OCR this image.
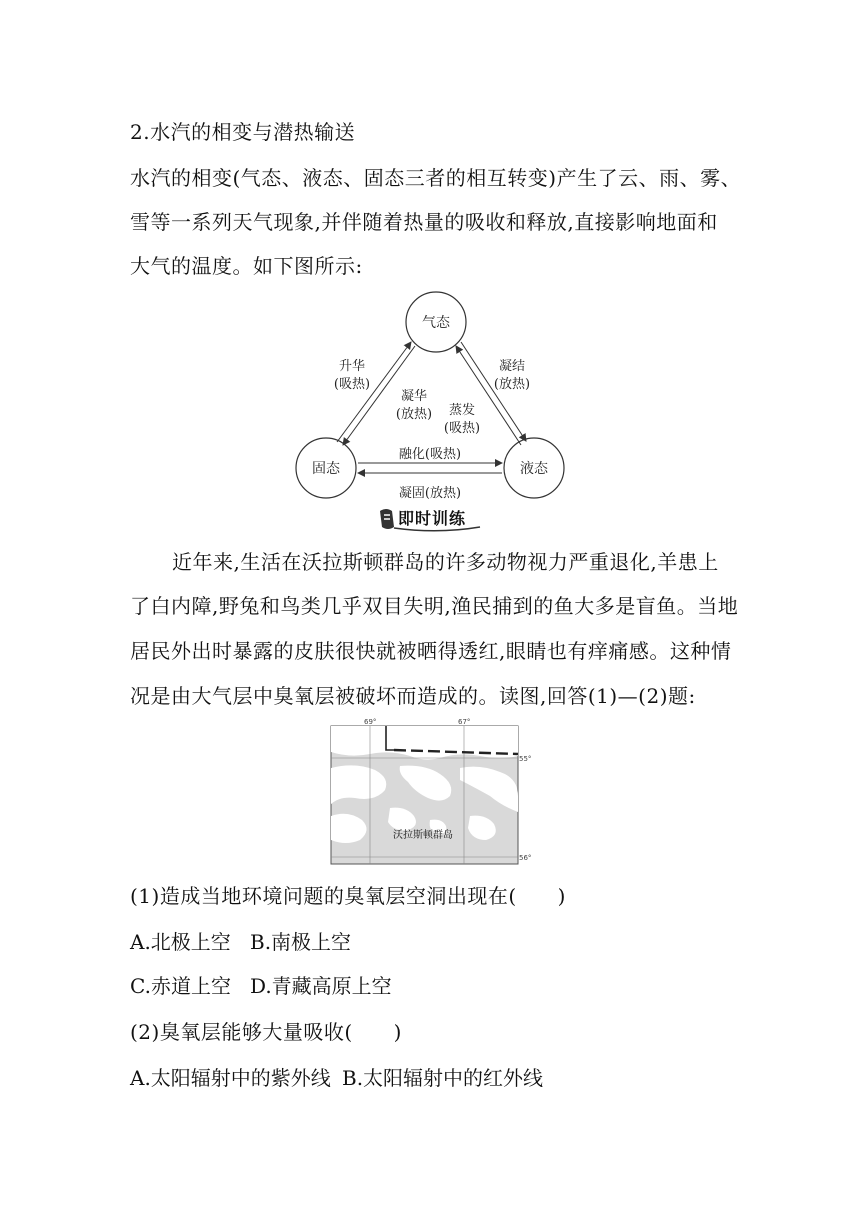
2.水汽的相变与潜热输送
水汽的相变(气态、液态、固态三者的相互转变)产生了云、雨、雾、
雪等一系列天气现象,并伴随着热量的吸收和释放,直接影响地面和
大气的温度。如下图所示:
气态
固态	液态
升华
(吸热)
凝华
(放热) 蒸发
(吸热)
凝结
(放热)
融化(吸热)
凝固(放热)
即时训练
近年来,生活在沃拉斯顿群岛的许多动物视力严重退化,羊患上
了白内障,野兔和鸟类几乎双目失明,渔民捕到的鱼大多是盲鱼。当地
居民外出时暴露的皮肤很快就被晒得透红,眼睛也有痒痛感。这种情
况是由大气层中臭氧层被破坏而造成的。读图,回答(1)—(2)题:
69°	67°
55°
56°
沃拉斯顿群岛
(1)造成当地环境问题的臭氧层空洞出现在(　　)
A.北极上空 B.南极上空
C.赤道上空 D.青藏高原上空
(2)臭氧层能够大量吸收(　　)
A.太阳辐射中的紫外线 B.太阳辐射中的红外线
